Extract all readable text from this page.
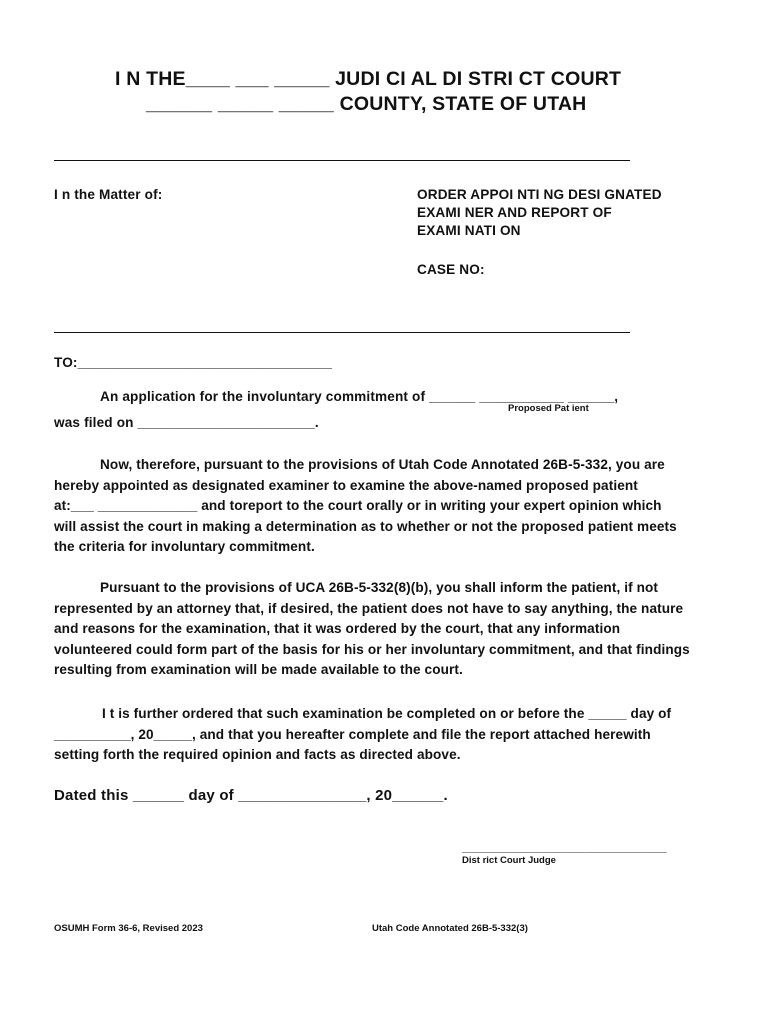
I N THE____ ___ _____ JUDI CI AL DI STRI CT COURT
______ _____ _____ COUNTY, STATE OF UTAH
I n the Matter of:	ORDER APPOI NTI NG DESI GNATED
EXAMI NER AND REPORT OF
EXAMI NATI ON
CASE NO:
TO:_________________________________
An application for the involuntary commitment of ______ ___________ ______,
Proposed Pat ient
was filed on _______________________.
Now, therefore, pursuant to the provisions of Utah Code Annotated 26B-5-332, you are
hereby appointed as designated examiner to examine the above-named proposed patient
at:___ _____________ and toreport to the court orally or in writing your expert opinion which
will assist the court in making a determination as to whether or not the proposed patient meets
the criteria for involuntary commitment.
Pursuant to the provisions of UCA 26B-5-332(8)(b), you shall inform the patient, if not
represented by an attorney that, if desired, the patient does not have to say anything, the nature
and reasons for the examination, that it was ordered by the court, that any information
volunteered could form part of the basis for his or her involuntary commitment, and that findings
resulting from examination will be made available to the court.
I t is further ordered that such examination be completed on or before the _____ day of
__________, 20_____, and that you hereafter complete and file the report attached herewith
setting forth the required opinion and facts as directed above.
Dated this ______ day of _______________, 20______.
______________________________
Dist rict Court Judge
OSUMH Form 36-6, Revised 2023	Utah Code Annotated 26B-5-332(3)
